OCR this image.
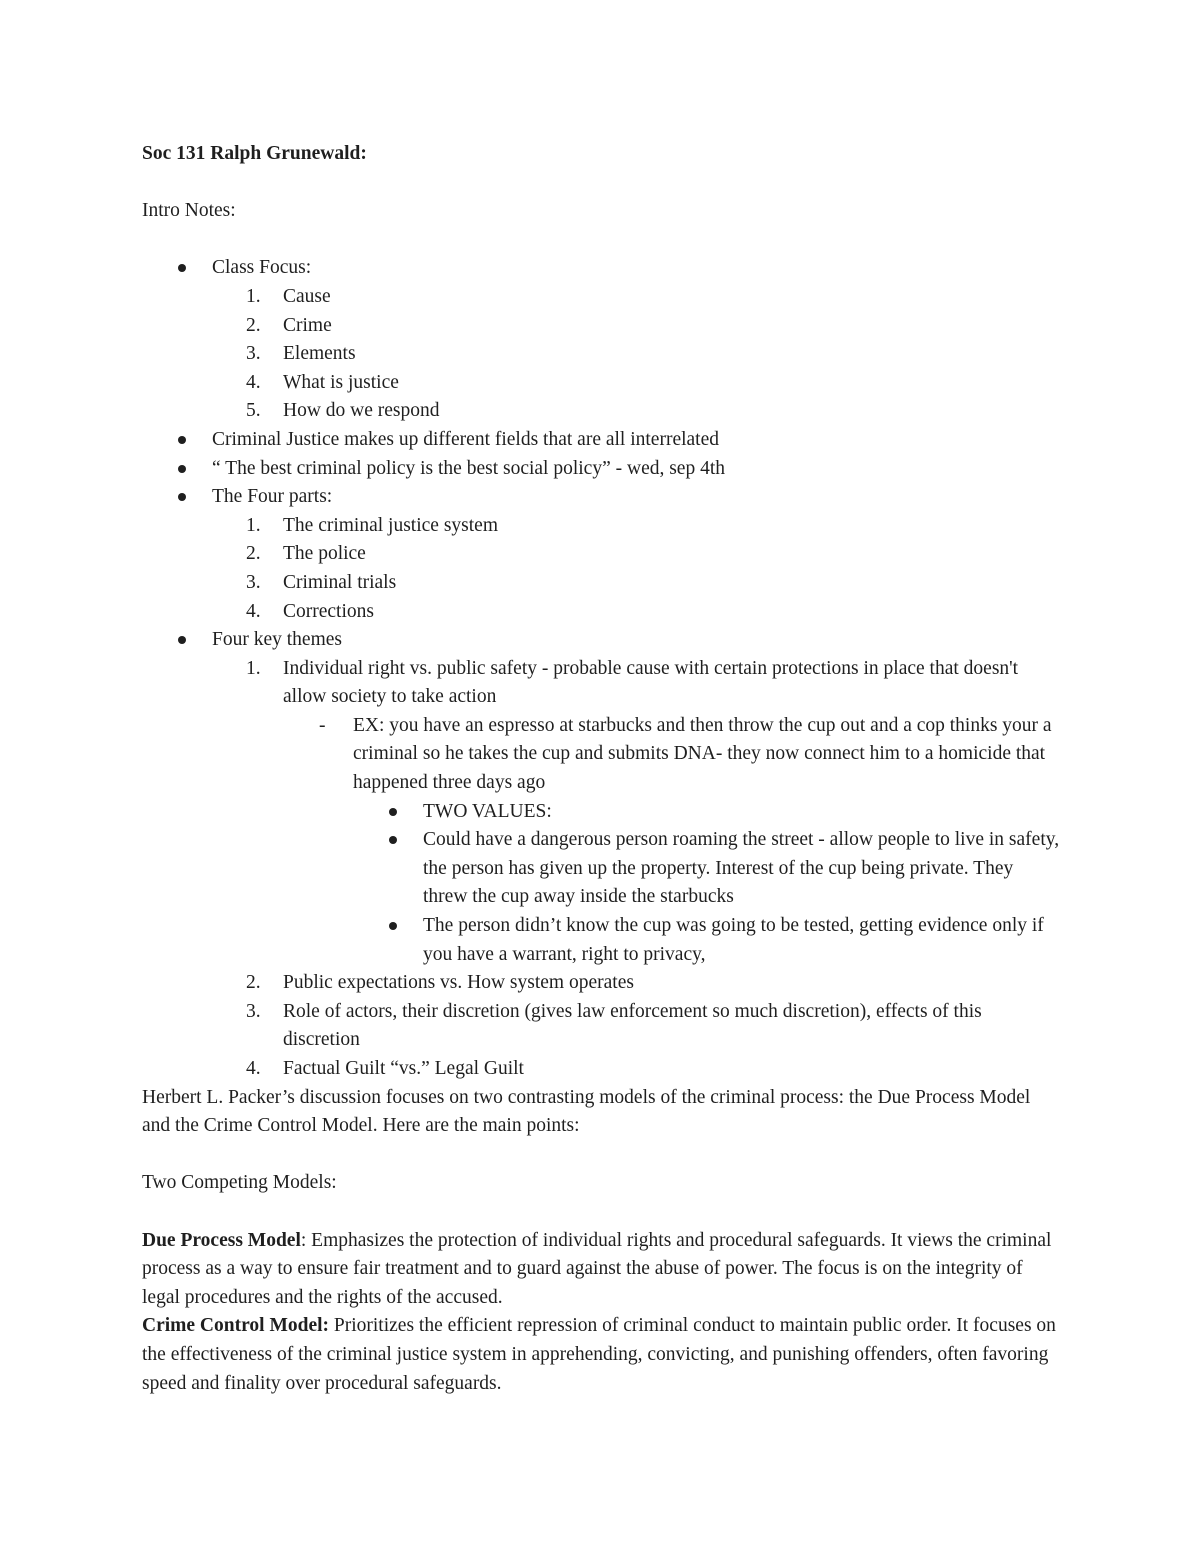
Soc 131 Ralph Grunewald:

Intro Notes:

Class Focus:
1.	Cause
2.	Crime
3.	Elements
4.	What is justice
5.	How do we respond
Criminal Justice makes up different fields that are all interrelated
“ The best criminal policy is the best social policy” - wed, sep 4th
The Four parts:
1.	The criminal justice system
2.	The police
3.	Criminal trials
4.	Corrections
Four key themes
1.	Individual right vs. public safety - probable cause with certain protections in place that doesn't allow society to take action
- EX: you have an espresso at starbucks and then throw the cup out and a cop thinks your a criminal so he takes the cup and submits DNA- they now connect him to a homicide that happened three days ago
TWO VALUES:
Could have a dangerous person roaming the street - allow people to live in safety, the person has given up the property. Interest of the cup being private. They threw the cup away inside the starbucks
The person didn’t know the cup was going to be tested, getting evidence only if you have a warrant, right to privacy,
2.	Public expectations vs. How system operates
3.	Role of actors, their discretion (gives law enforcement so much discretion), effects of this discretion
4.	Factual Guilt “vs.” Legal Guilt

Herbert L. Packer’s discussion focuses on two contrasting models of the criminal process: the Due Process Model and the Crime Control Model. Here are the main points:

Two Competing Models:

Due Process Model: Emphasizes the protection of individual rights and procedural safeguards. It views the criminal process as a way to ensure fair treatment and to guard against the abuse of power. The focus is on the integrity of legal procedures and the rights of the accused.

Crime Control Model: Prioritizes the efficient repression of criminal conduct to maintain public order. It focuses on the effectiveness of the criminal justice system in apprehending, convicting, and punishing offenders, often favoring speed and finality over procedural safeguards.
